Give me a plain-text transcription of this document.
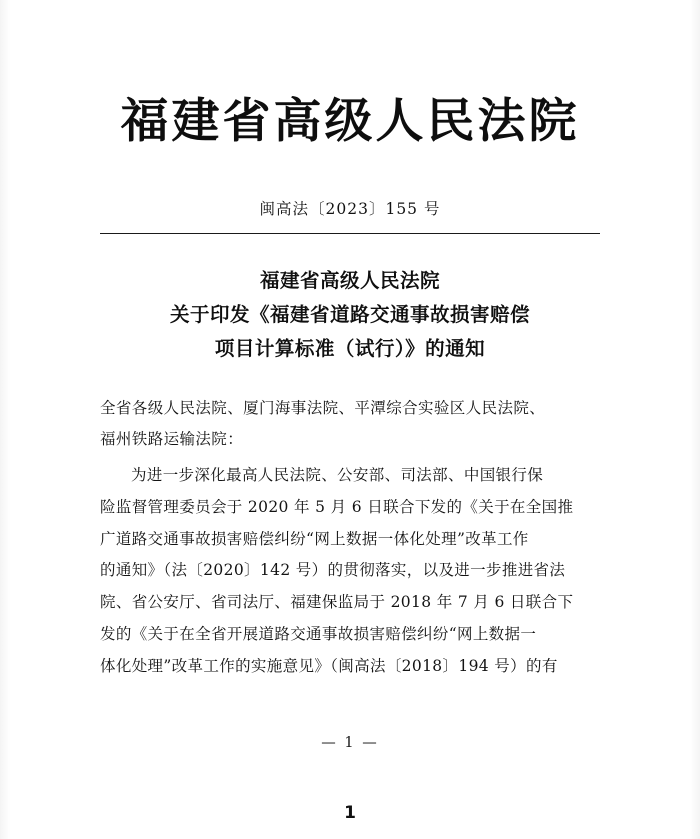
福建省高级人民法院
闽高法〔2023〕155 号
福建省高级人民法院
关于印发《福建省道路交通事故损害赔偿
项目计算标准（试行）》的通知
全省各级人民法院、厦门海事法院、平潭综合实验区人民法院、
福州铁路运输法院：
为进一步深化最高人民法院、公安部、司法部、中国银行保
险监督管理委员会于 2020 年 5 月 6 日联合下发的《关于在全国推
广道路交通事故损害赔偿纠纷“网上数据一体化处理”改革工作
的通知》（法〔2020〕142 号）的贯彻落实，以及进一步推进省法
院、省公安厅、省司法厅、福建保监局于 2018 年 7 月 6 日联合下
发的《关于在全省开展道路交通事故损害赔偿纠纷“网上数据一
体化处理”改革工作的实施意见》（闽高法〔2018〕194 号）的有
— 1 —
1
